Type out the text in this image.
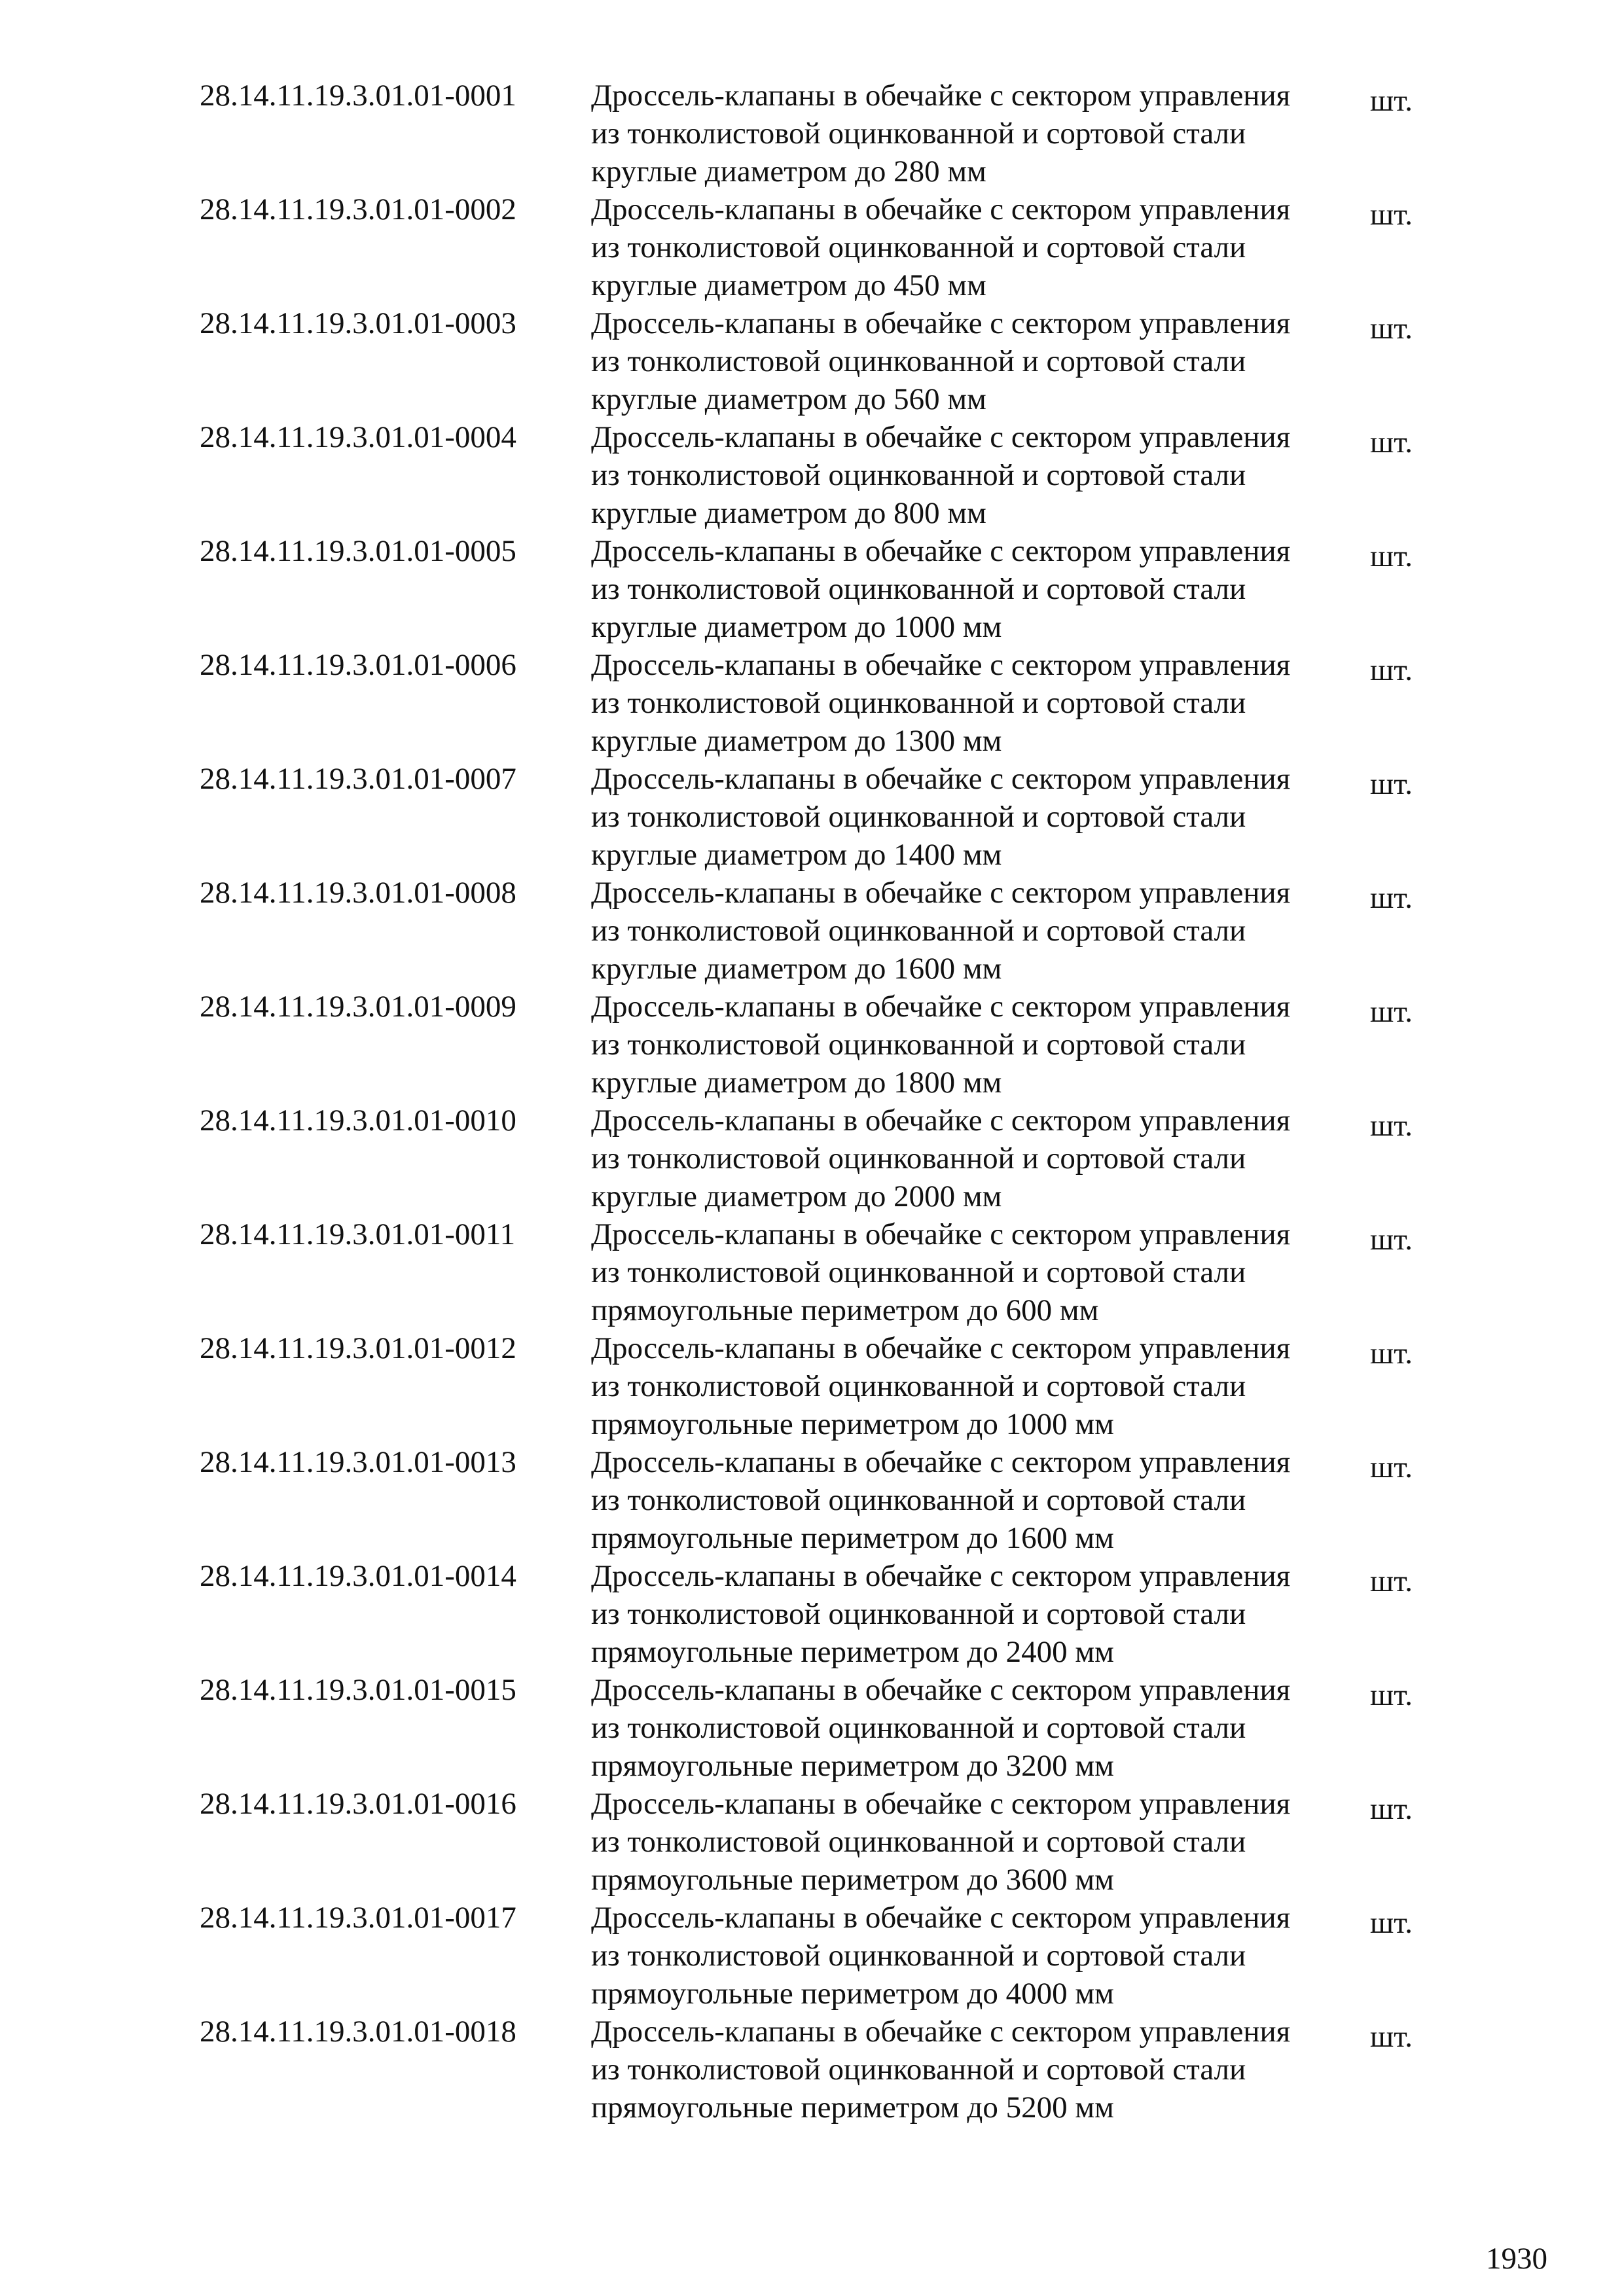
28.14.11.19.3.01.01-0001 Дроссель-клапаны в обечайке с сектором управления
из тонколистовой оцинкованной и сортовой стали
круглые диаметром до 280 мм
шт.
28.14.11.19.3.01.01-0002 Дроссель-клапаны в обечайке с сектором управления
из тонколистовой оцинкованной и сортовой стали
круглые диаметром до 450 мм
шт.
28.14.11.19.3.01.01-0003 Дроссель-клапаны в обечайке с сектором управления
из тонколистовой оцинкованной и сортовой стали
круглые диаметром до 560 мм
шт.
28.14.11.19.3.01.01-0004 Дроссель-клапаны в обечайке с сектором управления
из тонколистовой оцинкованной и сортовой стали
круглые диаметром до 800 мм
шт.
28.14.11.19.3.01.01-0005 Дроссель-клапаны в обечайке с сектором управления
из тонколистовой оцинкованной и сортовой стали
круглые диаметром до 1000 мм
шт.
28.14.11.19.3.01.01-0006 Дроссель-клапаны в обечайке с сектором управления
из тонколистовой оцинкованной и сортовой стали
круглые диаметром до 1300 мм
шт.
28.14.11.19.3.01.01-0007 Дроссель-клапаны в обечайке с сектором управления
из тонколистовой оцинкованной и сортовой стали
круглые диаметром до 1400 мм
шт.
28.14.11.19.3.01.01-0008 Дроссель-клапаны в обечайке с сектором управления
из тонколистовой оцинкованной и сортовой стали
круглые диаметром до 1600 мм
шт.
28.14.11.19.3.01.01-0009 Дроссель-клапаны в обечайке с сектором управления
из тонколистовой оцинкованной и сортовой стали
круглые диаметром до 1800 мм
шт.
28.14.11.19.3.01.01-0010 Дроссель-клапаны в обечайке с сектором управления
из тонколистовой оцинкованной и сортовой стали
круглые диаметром до 2000 мм
шт.
28.14.11.19.3.01.01-0011 Дроссель-клапаны в обечайке с сектором управления
из тонколистовой оцинкованной и сортовой стали
прямоугольные периметром до 600 мм
шт.
28.14.11.19.3.01.01-0012 Дроссель-клапаны в обечайке с сектором управления
из тонколистовой оцинкованной и сортовой стали
прямоугольные периметром до 1000 мм
шт.
28.14.11.19.3.01.01-0013 Дроссель-клапаны в обечайке с сектором управления
из тонколистовой оцинкованной и сортовой стали
прямоугольные периметром до 1600 мм
шт.
28.14.11.19.3.01.01-0014 Дроссель-клапаны в обечайке с сектором управления
из тонколистовой оцинкованной и сортовой стали
прямоугольные периметром до 2400 мм
шт.
28.14.11.19.3.01.01-0015 Дроссель-клапаны в обечайке с сектором управления
из тонколистовой оцинкованной и сортовой стали
прямоугольные периметром до 3200 мм
шт.
28.14.11.19.3.01.01-0016 Дроссель-клапаны в обечайке с сектором управления
из тонколистовой оцинкованной и сортовой стали
прямоугольные периметром до 3600 мм
шт.
28.14.11.19.3.01.01-0017 Дроссель-клапаны в обечайке с сектором управления
из тонколистовой оцинкованной и сортовой стали
прямоугольные периметром до 4000 мм
шт.
28.14.11.19.3.01.01-0018 Дроссель-клапаны в обечайке с сектором управления
из тонколистовой оцинкованной и сортовой стали
прямоугольные периметром до 5200 мм
шт.
1930
